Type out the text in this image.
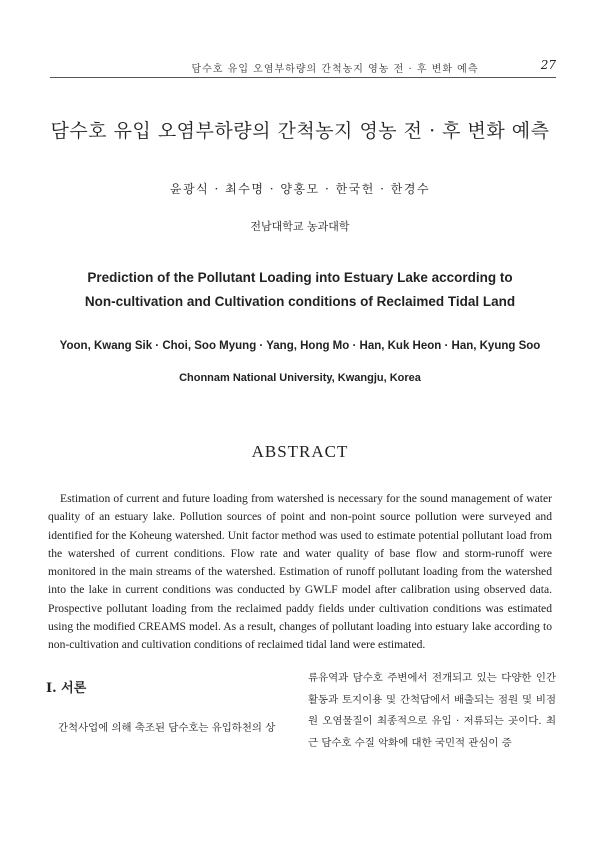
담수호 유입 오염부하량의 간척농지 영농 전 · 후 변화 예측	27
담수호 유입 오염부하량의 간척농지 영농 전 · 후 변화 예측
윤광식 · 최수명 · 양홍모 · 한국헌 · 한경수
전남대학교 농과대학
Prediction of the Pollutant Loading into Estuary Lake according to
Non-cultivation and Cultivation conditions of Reclaimed Tidal Land
Yoon, Kwang Sik · Choi, Soo Myung · Yang, Hong Mo · Han, Kuk Heon · Han, Kyung Soo
Chonnam National University, Kwangju, Korea
ABSTRACT
Estimation of current and future loading from watershed is necessary for the sound management of water quality of an estuary lake. Pollution sources of point and non-point source pollution were surveyed and identified for the Koheung watershed. Unit factor method was used to estimate potential pollutant load from the watershed of current conditions. Flow rate and water quality of base flow and storm-runoff were monitored in the main streams of the watershed. Estimation of runoff pollutant loading from the watershed into the lake in current conditions was conducted by GWLF model after calibration using observed data. Prospective pollutant loading from the reclaimed paddy fields under cultivation conditions was estimated using the modified CREAMS model. As a result, changes of pollutant loading into estuary lake according to non-cultivation and cultivation conditions of reclaimed tidal land were estimated.
I. 서론
간척사업에 의해 축조된 담수호는 유입하천의 상
류유역과 담수호 주변에서 전개되고 있는 다양한 인간활동과 토지이용 및 간척답에서 배출되는 점원 및 비점원 오염물질이 최종적으로 유입 · 저류되는 곳이다. 최근 담수호 수질 악화에 대한 국민적 관심이 증
